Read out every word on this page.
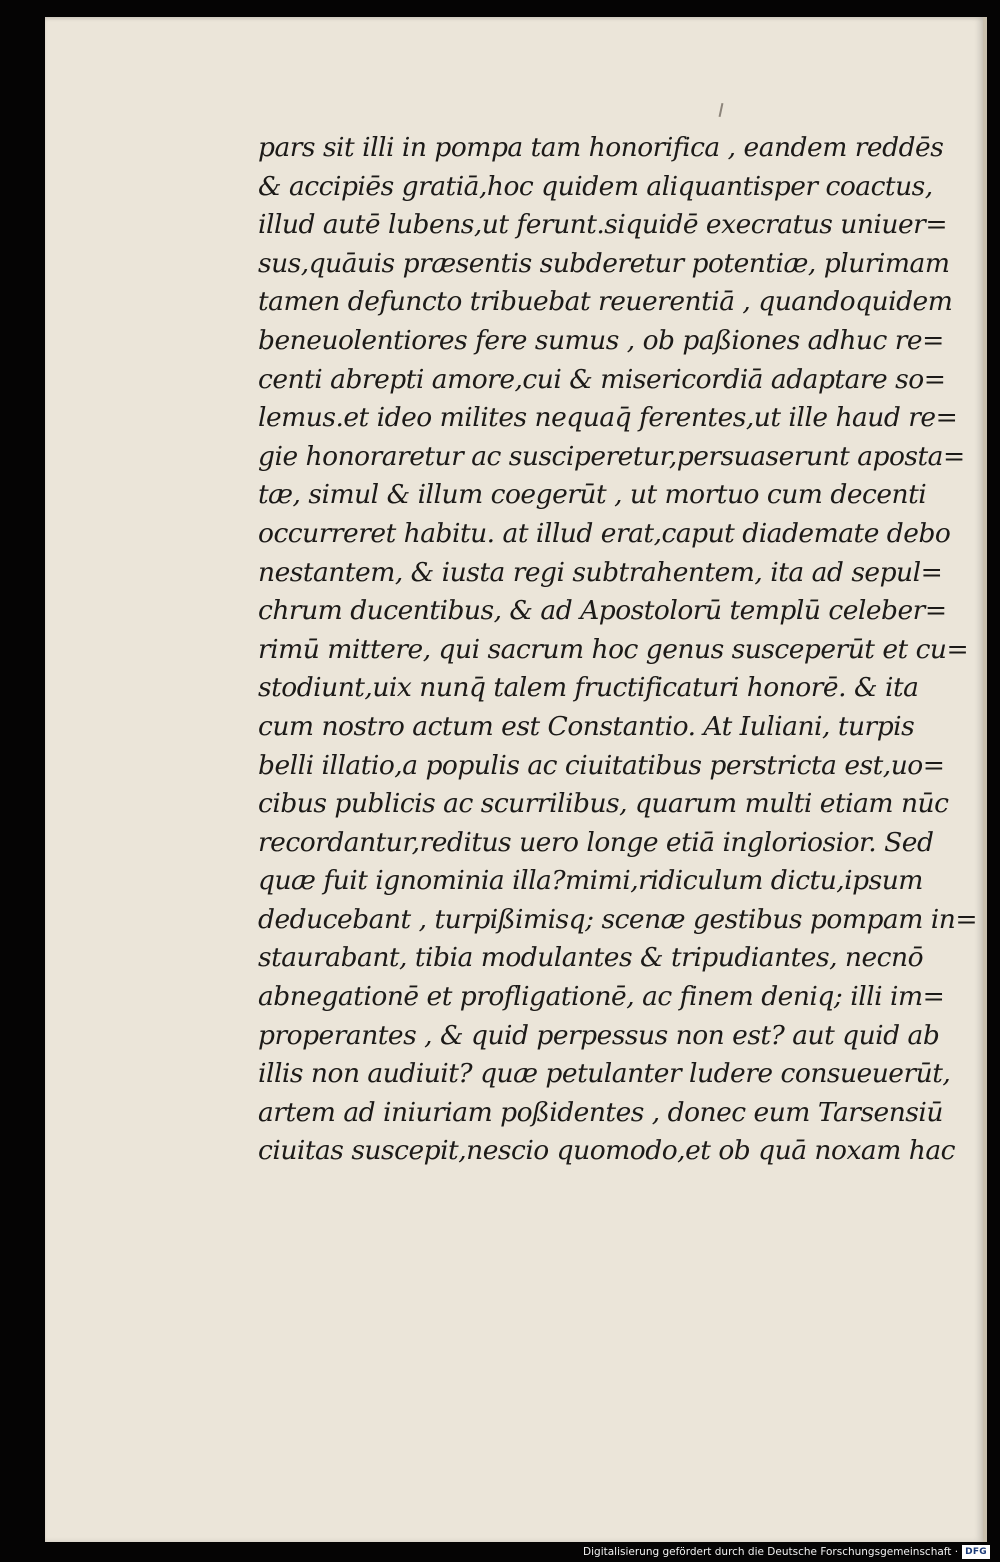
pars sit illi in pompa tam honorifica , eandem reddēs
& accipiēs gratiā,hoc quidem aliquantisper coactus,
illud autē lubens,ut ferunt.siquidē execratus uniuer=
sus,quāuis præsentis subderetur potentiæ, plurimam
tamen defuncto tribuebat reuerentiā , quandoquidem
beneuolentiores fere sumus , ob paßiones adhuc re=
centi abrepti amore,cui & misericordiā adaptare so=
lemus.et ideo milites nequaq̄ ferentes,ut ille haud re=
gie honoraretur ac susciperetur,persuaserunt aposta=
tæ, simul & illum coegerūt , ut mortuo cum decenti
occurreret habitu. at illud erat,caput diademate debo
nestantem, & iusta regi subtrahentem, ita ad sepul=
chrum ducentibus, & ad Apostolorū templū celeber=
rimū mittere, qui sacrum hoc genus susceperūt et cu=
stodiunt,uix nunq̄ talem fructificaturi honorē. & ita
cum nostro actum est Constantio. At Iuliani, turpis
belli illatio,a populis ac ciuitatibus perstricta est,uo=
cibus publicis ac scurrilibus, quarum multi etiam nūc
recordantur,reditus uero longe etiā ingloriosior. Sed
quæ fuit ignominia illa?mimi,ridiculum dictu,ipsum
deducebant , turpißimisq; scenæ gestibus pompam in=
staurabant, tibia modulantes & tripudiantes, necnō
abnegationē et profligationē, ac finem deniq; illi im=
properantes , & quid perpessus non est? aut quid ab
illis non audiuit? quæ petulanter ludere consueuerūt,
artem ad iniuriam poßidentes , donec eum Tarsensiū
ciuitas suscepit,nescio quomodo,et ob quā noxam hac
Digitalisierung gefördert durch die Deutsche Forschungsgemeinschaft · DFG
